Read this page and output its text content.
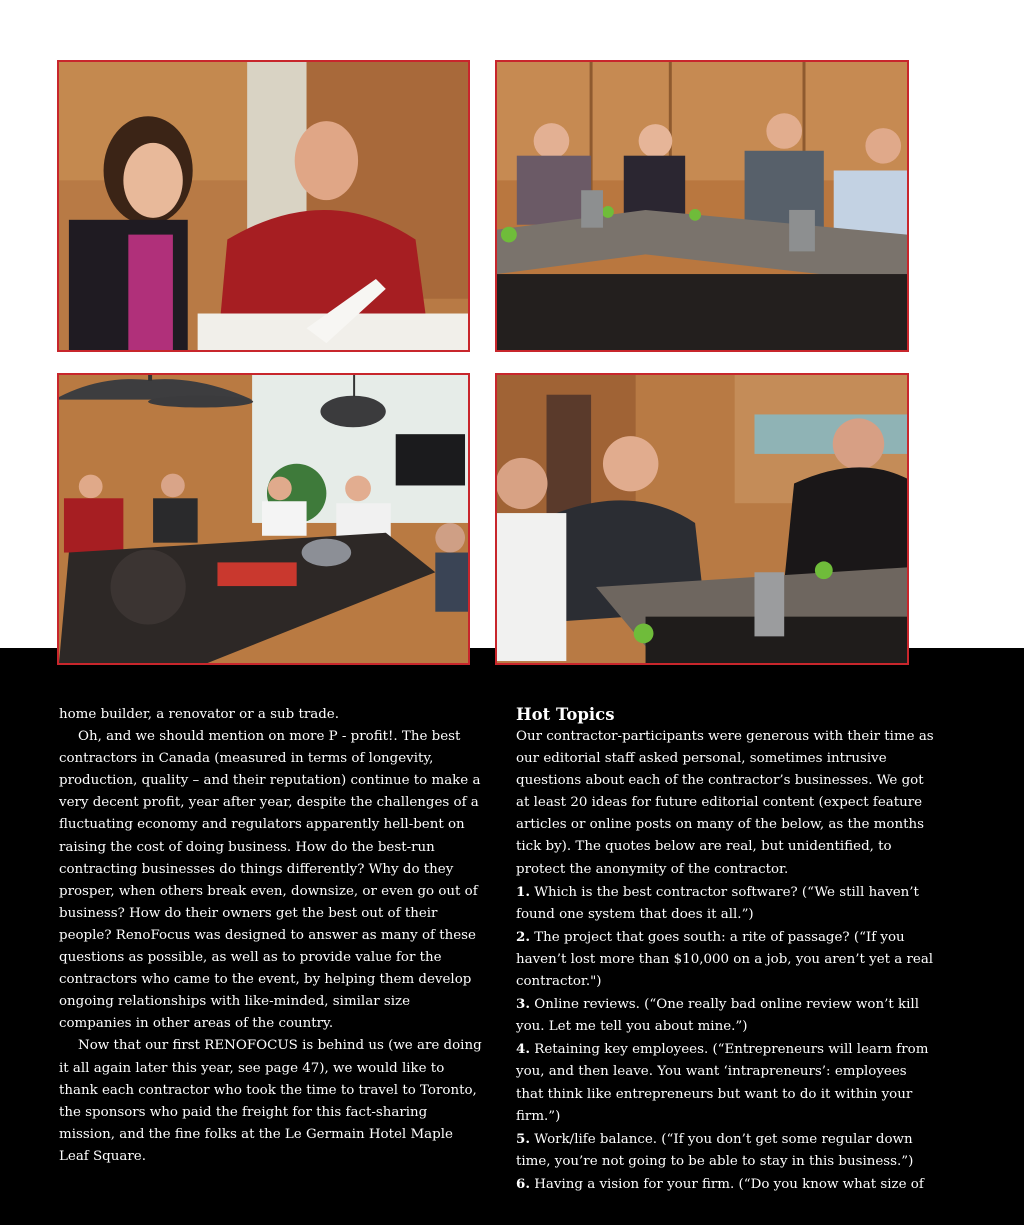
home builder, a renovator or a sub trade.

Oh, and we should mention on more P - profit!. The best contractors in Canada (measured in terms of longevity, production, quality – and their reputation) continue to make a very decent profit, year after year, despite the challenges of a fluctuating economy and regulators apparently hell-bent on raising the cost of doing business. How do the best-run contracting businesses do things differently? Why do they prosper, when others break even, downsize, or even go out of business? How do their owners get the best out of their people? RenoFocus was designed to answer as many of these questions as possible, as well as to provide value for the contractors who came to the event, by helping them develop ongoing relationships with like-minded, similar size companies in other areas of the country.

Now that our first RENOFOCUS is behind us (we are doing it all again later this year, see page 47), we would like to thank each contractor who took the time to travel to Toronto, the sponsors who paid the freight for this fact-sharing mission, and the fine folks at the Le Germain Hotel Maple Leaf Square.

Hot Topics

Our contractor-participants were generous with their time as our editorial staff asked personal, sometimes intrusive questions about each of the contractor’s businesses. We got at least 20 ideas for future editorial content (expect feature articles or online posts on many of the below, as the months tick by). The quotes below are real, but unidentified, to protect the anonymity of the contractor.

1. Which is the best contractor software? (“We still haven’t found one system that does it all.”)

2. The project that goes south: a rite of passage? (“If you haven’t lost more than $10,000 on a job, you aren’t yet a real contractor.")

3. Online reviews. (“One really bad online review won’t kill you. Let me tell you about mine.”)

4. Retaining key employees. (“Entrepreneurs will learn from you, and then leave. You want ‘intrapreneurs’: employees that think like entrepreneurs but want to do it within your firm.”)

5. Work/life balance. (“If you don’t get some regular down time, you’re not going to be able to stay in this business.”)

6. Having a vision for your firm. (“Do you know what size of
